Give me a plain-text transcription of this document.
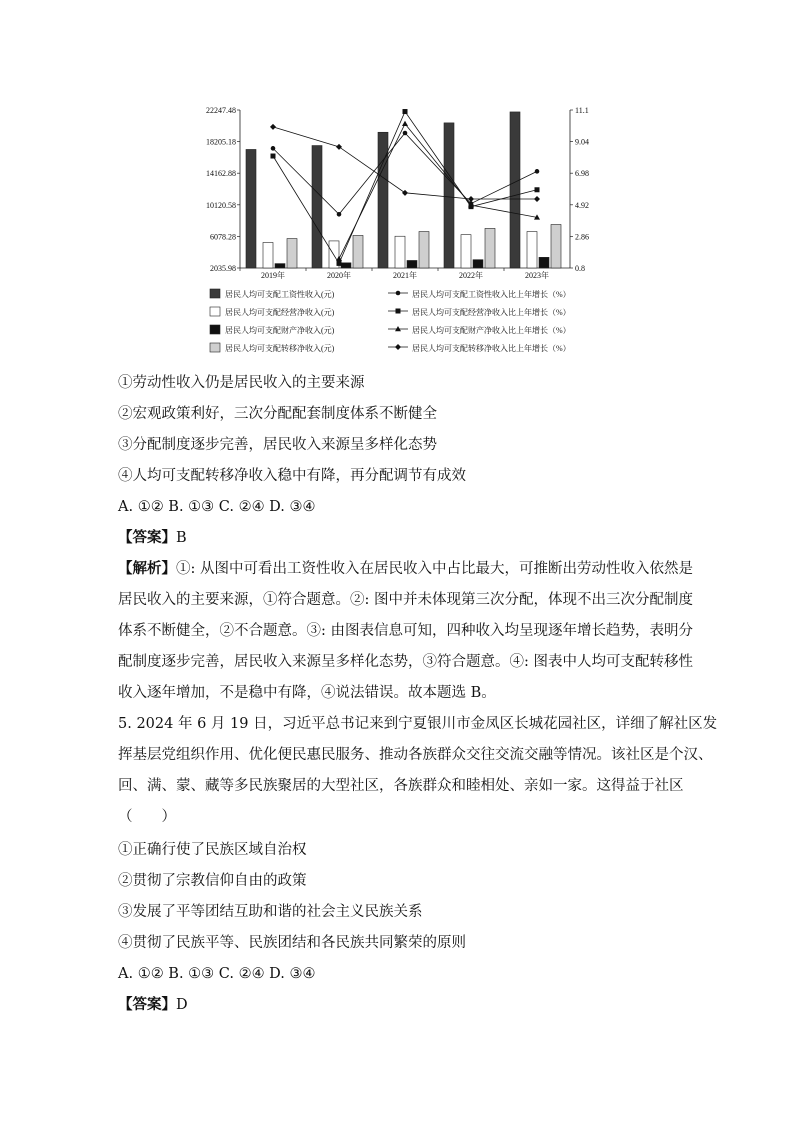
22247.48
18205.18
14162.88
10120.58
6078.28
2035.98
11.1
9.04
6.98
4.92
2.86
0.8
2019年	2020年	2021年	2022年	2023年
居民人均可支配工资性收入(元)
居民人均可支配经营净收入(元)
居民人均可支配财产净收入(元)
居民人均可支配转移净收入(元)
居民人均可支配工资性收入比上年增长（%）
居民人均可支配经营净收入比上年增长（%）
居民人均可支配财产净收入比上年增长（%）
居民人均可支配转移净收入比上年增长（%）
①劳动性收入仍是居民收入的主要来源
②宏观政策利好，三次分配配套制度体系不断健全
③分配制度逐步完善，居民收入来源呈多样化态势
④人均可支配转移净收入稳中有降，再分配调节有成效
A. ①② B. ①③ C. ②④ D. ③④
【答案】B
【解析】①: 从图中可看出工资性收入在居民收入中占比最大，可推断出劳动性收入依然是
居民收入的主要来源，①符合题意。②: 图中并未体现第三次分配，体现不出三次分配制度
体系不断健全，②不合题意。③: 由图表信息可知，四种收入均呈现逐年增长趋势，表明分
配制度逐步完善，居民收入来源呈多样化态势，③符合题意。④: 图表中人均可支配转移性
收入逐年增加，不是稳中有降，④说法错误。故本题选 B。
5. 2024 年 6 月 19 日，习近平总书记来到宁夏银川市金凤区长城花园社区，详细了解社区发
挥基层党组织作用、优化便民惠民服务、推动各族群众交往交流交融等情况。该社区是个汉、
回、满、蒙、藏等多民族聚居的大型社区，各族群众和睦相处、亲如一家。这得益于社区
（　　）
①正确行使了民族区域自治权
②贯彻了宗教信仰自由的政策
③发展了平等团结互助和谐的社会主义民族关系
④贯彻了民族平等、民族团结和各民族共同繁荣的原则
A. ①② B. ①③ C. ②④ D. ③④
【答案】D
